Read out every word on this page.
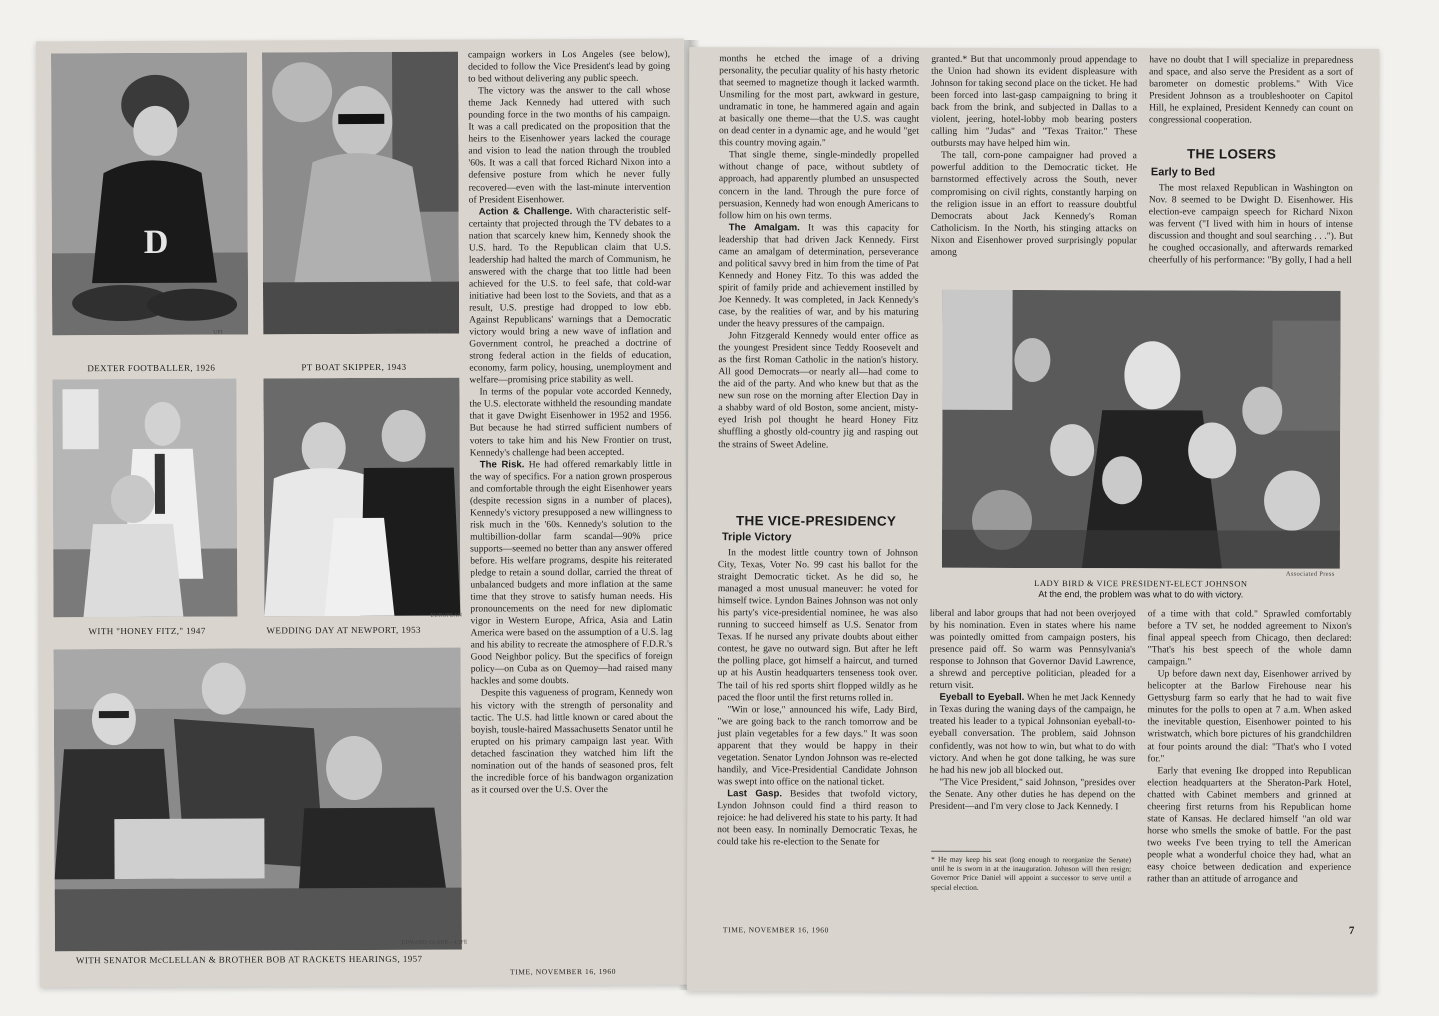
D
UPI
DEXTER FOOTBALLER, 1926
PICTORIAL PARADE
PT BOAT SKIPPER, 1943
WITH "HONEY FITZ," 1947
EUROPEAN
WEDDING DAY AT NEWPORT, 1953
EDWARD CLARK—LIFE
WITH SENATOR McCLELLAN & BROTHER BOB AT RACKETS HEARINGS, 1957

campaign workers in Los Angeles (see below), decided to follow the Vice President's lead by going to bed without delivering any public speech.

The victory was the answer to the call whose theme Jack Kennedy had uttered with such pounding force in the two months of his campaign. It was a call predicated on the proposition that the heirs to the Eisenhower years lacked the courage and vision to lead the nation through the troubled '60s. It was a call that forced Richard Nixon into a defensive posture from which he never fully recovered—even with the last-minute intervention of President Eisenhower.

Action & Challenge. With characteristic self-certainty that projected through the TV debates to a nation that scarcely knew him, Kennedy shook the U.S. hard. To the Republican claim that U.S. leadership had halted the march of Communism, he answered with the charge that too little had been achieved for the U.S. to feel safe, that cold-war initiative had been lost to the Soviets, and that as a result, U.S. prestige had dropped to low ebb. Against Republicans' warnings that a Democratic victory would bring a new wave of inflation and Government control, he preached a doctrine of strong federal action in the fields of education, economy, farm policy, housing, unemployment and welfare—promising price stability as well.

In terms of the popular vote accorded Kennedy, the U.S. electorate withheld the resounding mandate that it gave Dwight Eisenhower in 1952 and 1956. But because he had stirred sufficient numbers of voters to take him and his New Frontier on trust, Kennedy's challenge had been accepted.

The Risk. He had offered remarkably little in the way of specifics. For a nation grown prosperous and comfortable through the eight Eisenhower years (despite recession signs in a number of places), Kennedy's victory presupposed a new willingness to risk much in the '60s. Kennedy's solution to the multibillion-dollar farm scandal—90% price supports—seemed no better than any answer offered before. His welfare programs, despite his reiterated pledge to retain a sound dollar, carried the threat of unbalanced budgets and more inflation at the same time that they strove to satisfy human needs. His pronouncements on the need for new diplomatic vigor in Western Europe, Africa, Asia and Latin America were based on the assumption of a U.S. lag and his ability to recreate the atmosphere of F.D.R.'s Good Neighbor policy. But the specifics of foreign policy—on Cuba as on Quemoy—had raised many hackles and some doubts.

Despite this vagueness of program, Kennedy won his victory with the strength of personality and tactic. The U.S. had little known or cared about the boyish, tousle-haired Massachusetts Senator until he erupted on his primary campaign last year. With detached fascination they watched him lift the nomination out of the hands of seasoned pros, felt the incredible force of his bandwagon organization as it coursed over the U.S. Over the

TIME, NOVEMBER 16, 1960

months he etched the image of a driving personality, the peculiar quality of his hasty rhetoric that seemed to magnetize though it lacked warmth. Unsmiling for the most part, awkward in gesture, undramatic in tone, he hammered again and again at basically one theme—that the U.S. was caught on dead center in a dynamic age, and he would "get this country moving again."

That single theme, single-mindedly propelled without change of pace, without subtlety of approach, had apparently plumbed an unsuspected concern in the land. Through the pure force of persuasion, Kennedy had won enough Americans to follow him on his own terms.

The Amalgam. It was this capacity for leadership that had driven Jack Kennedy. First came an amalgam of determination, perseverance and political savvy bred in him from the time of Pat Kennedy and Honey Fitz. To this was added the spirit of family pride and achievement instilled by Joe Kennedy. It was completed, in Jack Kennedy's case, by the realities of war, and by his maturing under the heavy pressures of the campaign.

John Fitzgerald Kennedy would enter office as the youngest President since Teddy Roosevelt and as the first Roman Catholic in the nation's history. All good Democrats—or nearly all—had come to the aid of the party. And who knew but that as the new sun rose on the morning after Election Day in a shabby ward of old Boston, some ancient, misty-eyed Irish pol thought he heard Honey Fitz shuffling a ghostly old-country jig and rasping out the strains of Sweet Adeline.

THE VICE-PRESIDENCY
Triple Victory

In the modest little country town of Johnson City, Texas, Voter No. 99 cast his ballot for the straight Democratic ticket. As he did so, he managed a most unusual maneuver: he voted for himself twice. Lyndon Baines Johnson was not only his party's vice-presidential nominee, he was also running to succeed himself as U.S. Senator from Texas. If he nursed any private doubts about either contest, he gave no outward sign. But after he left the polling place, got himself a haircut, and turned up at his Austin headquarters tenseness took over. The tail of his red sports shirt flopped wildly as he paced the floor until the first returns rolled in.

"Win or lose," announced his wife, Lady Bird, "we are going back to the ranch tomorrow and be just plain vegetables for a few days." It was soon apparent that they would be happy in their vegetation. Senator Lyndon Johnson was re-elected handily, and Vice-Presidential Candidate Johnson was swept into office on the national ticket.

Last Gasp. Besides that twofold victory, Lyndon Johnson could find a third reason to rejoice: he had delivered his state to his party. It had not been easy. In nominally Democratic Texas, he could take his re-election to the Senate for

TIME, NOVEMBER 16, 1960

granted.* But that uncommonly proud appendage to the Union had shown its evident displeasure with Johnson for taking second place on the ticket. He had been forced into last-gasp campaigning to bring it back from the brink, and subjected in Dallas to a violent, jeering, hotel-lobby mob bearing posters calling him "Judas" and "Texas Traitor." These outbursts may have helped him win.

The tall, corn-pone campaigner had proved a powerful addition to the Democratic ticket. He barnstormed effectively across the South, never compromising on civil rights, constantly harping on the religion issue in an effort to reassure doubtful Democrats about Jack Kennedy's Roman Catholicism. In the North, his stinging attacks on Nixon and Eisenhower proved surprisingly popular among

have no doubt that I will specialize in preparedness and space, and also serve the President as a sort of barometer on domestic problems." With Vice President Johnson as a troubleshooter on Capitol Hill, he explained, President Kennedy can count on congressional cooperation.

THE LOSERS
Early to Bed

The most relaxed Republican in Washington on Nov. 8 seemed to be Dwight D. Eisenhower. His election-eve campaign speech for Richard Nixon was fervent ("I lived with him in hours of intense discussion and thought and soul searching . . ."). But he coughed occasionally, and afterwards remarked cheerfully of his performance: "By golly, I had a hell

Associated Press
LADY BIRD & VICE PRESIDENT-ELECT JOHNSON
At the end, the problem was what to do with victory.

liberal and labor groups that had not been overjoyed by his nomination. Even in states where his name was pointedly omitted from campaign posters, his presence paid off. So warm was Pennsylvania's response to Johnson that Governor David Lawrence, a shrewd and perceptive politician, pleaded for a return visit.

Eyeball to Eyeball. When he met Jack Kennedy in Texas during the waning days of the campaign, he treated his leader to a typical Johnsonian eyeball-to-eyeball conversation. The problem, said Johnson confidently, was not how to win, but what to do with victory. And when he got done talking, he was sure he had his new job all blocked out.

"The Vice President," said Johnson, "presides over the Senate. Any other duties he has depend on the President—and I'm very close to Jack Kennedy. I

* He may keep his seat (long enough to reorganize the Senate) until he is sworn in at the inauguration. Johnson will then resign; Governor Price Daniel will appoint a successor to serve until a special election.

of a time with that cold." Sprawled comfortably before a TV set, he nodded agreement to Nixon's final appeal speech from Chicago, then declared: "That's his best speech of the whole damn campaign."

Up before dawn next day, Eisenhower arrived by helicopter at the Barlow Firehouse near his Gettysburg farm so early that he had to wait five minutes for the polls to open at 7 a.m. When asked the inevitable question, Eisenhower pointed to his wristwatch, which bore pictures of his grandchildren at four points around the dial: "That's who I voted for."

Early that evening Ike dropped into Republican election headquarters at the Sheraton-Park Hotel, chatted with Cabinet members and grinned at cheering first returns from his Republican home state of Kansas. He declared himself "an old war horse who smells the smoke of battle. For the past two weeks I've been trying to tell the American people what a wonderful choice they had, what an easy choice between dedication and experience rather than an attitude of arrogance and

7
